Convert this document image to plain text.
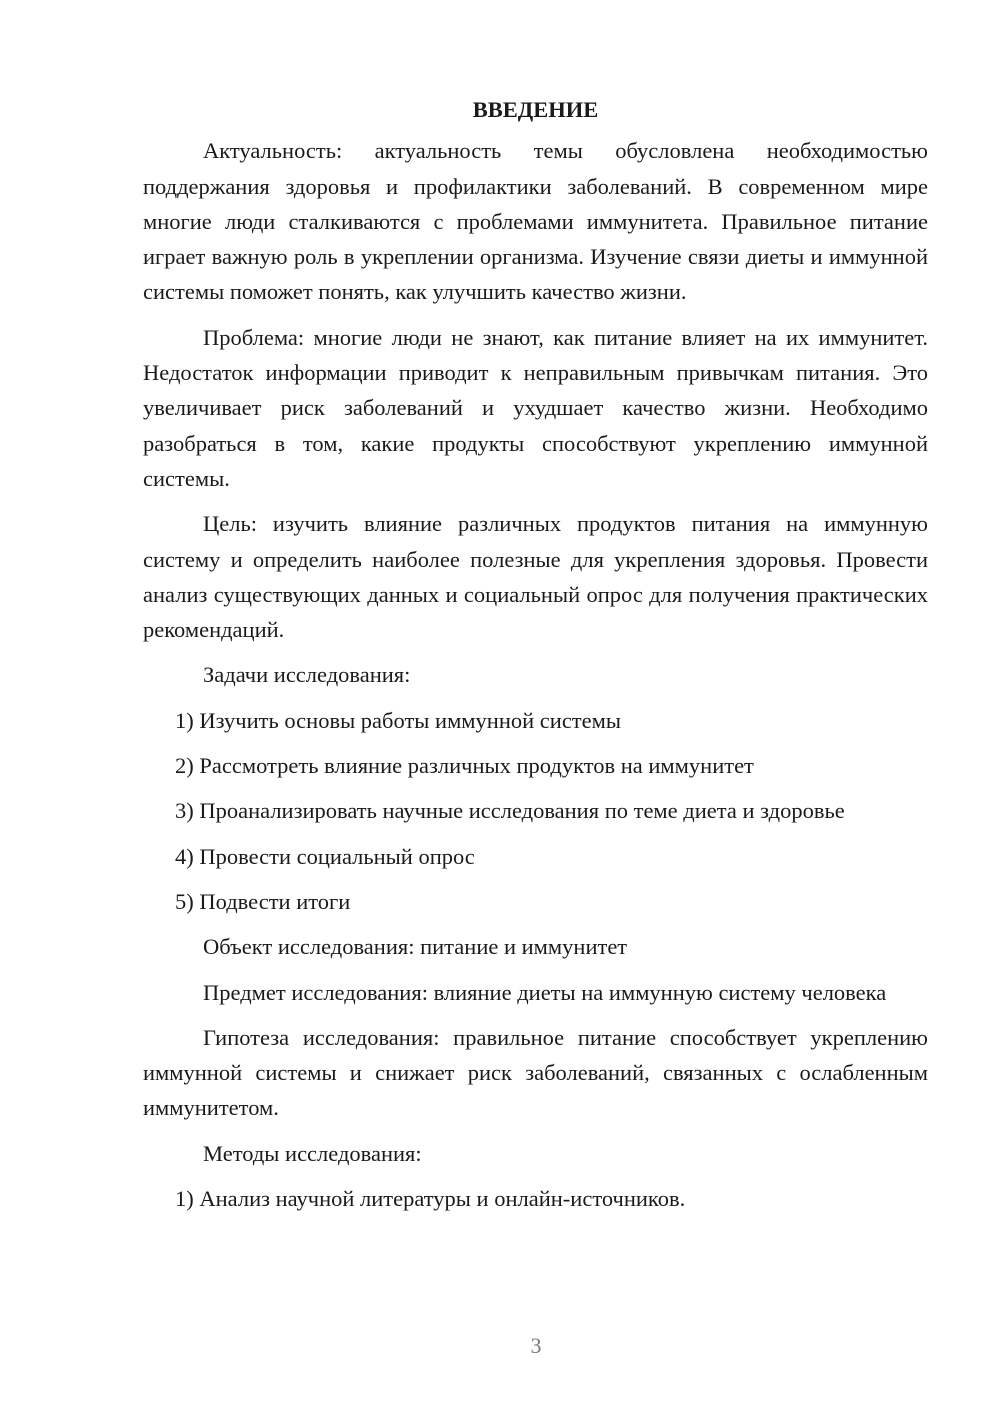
ВВЕДЕНИЕ

Актуальность: актуальность темы обусловлена необходимостью поддержания здоровья и профилактики заболеваний. В современном мире многие люди сталкиваются с проблемами иммунитета. Правильное питание играет важную роль в укреплении организма. Изучение связи диеты и иммунной системы поможет понять, как улучшить качество жизни.

Проблема: многие люди не знают, как питание влияет на их иммунитет. Недостаток информации приводит к неправильным привычкам питания. Это увеличивает риск заболеваний и ухудшает качество жизни. Необходимо разобраться в том, какие продукты способствуют укреплению иммунной системы.

Цель: изучить влияние различных продуктов питания на иммунную систему и определить наиболее полезные для укрепления здоровья. Провести анализ существующих данных и социальный опрос для получения практических рекомендаций.

Задачи исследования:
1) Изучить основы работы иммунной системы
2) Рассмотреть влияние различных продуктов на иммунитет
3) Проанализировать научные исследования по теме диета и здоровье
4) Провести социальный опрос
5) Подвести итоги
Объект исследования: питание и иммунитет

Предмет исследования: влияние диеты на иммунную систему человека

Гипотеза исследования: правильное питание способствует укреплению иммунной системы и снижает риск заболеваний, связанных с ослабленным иммунитетом.

Методы исследования:
1) Анализ научной литературы и онлайн-источников.
3
